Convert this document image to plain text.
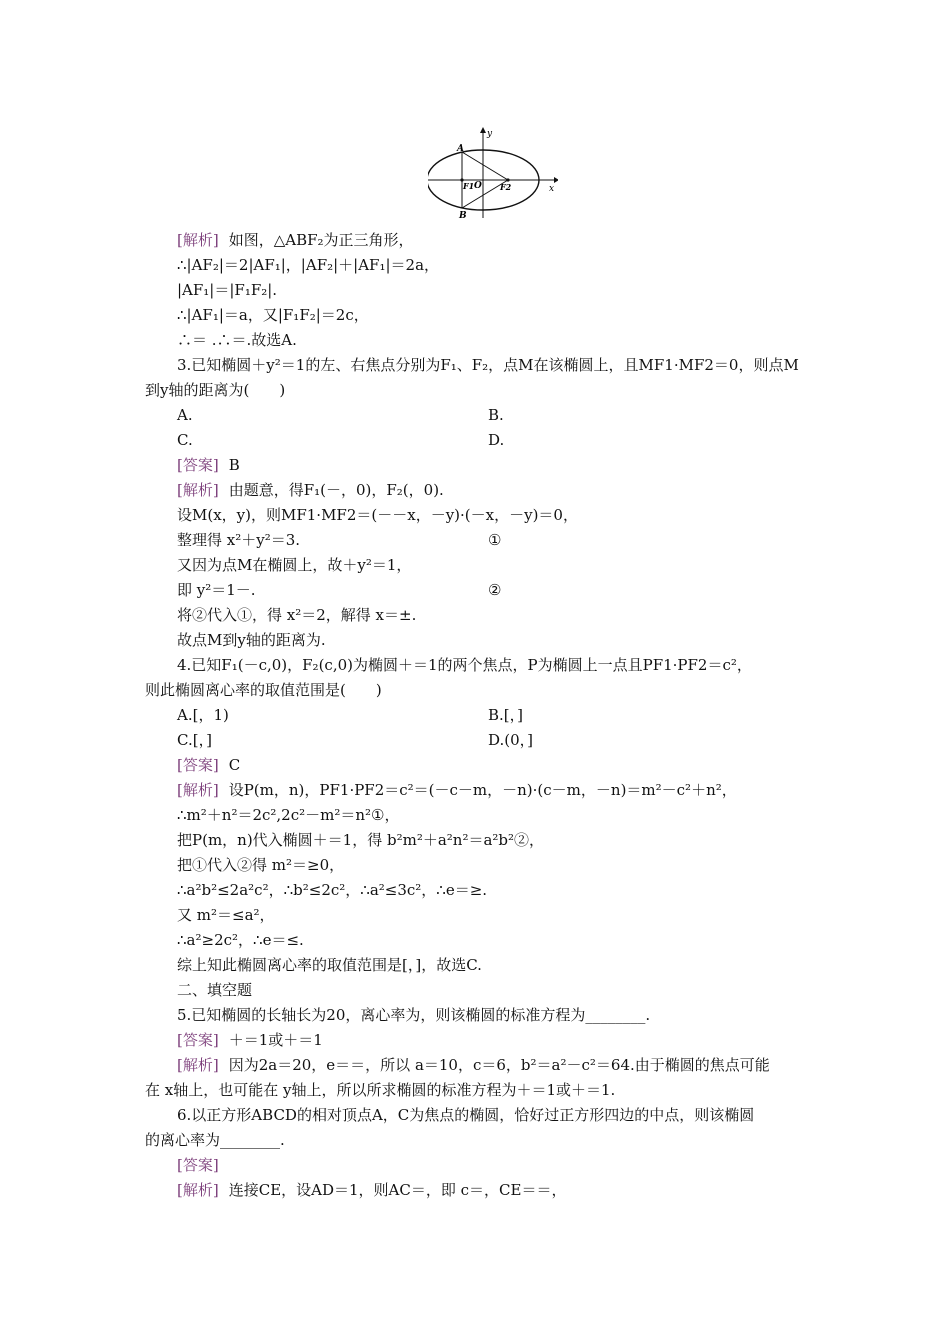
y
x
A
B
F1 O F2
[解析] 如图，△ABF₂为正三角形，
∴|AF₂|＝2|AF₁|，|AF₂|＋|AF₁|＝2a，
|AF₁|＝|F₁F₂|.
∴|AF₁|＝a，又|F₁F₂|＝2c，
∴＝ .∴＝.故选A.
3.已知椭圆＋y²＝1的左、右焦点分别为F₁、F₂，点M在该椭圆上，且MF1·MF2＝0，则点M
到y轴的距离为(　　)
A.	B.
C.	D.
[答案] B
[解析] 由题意，得F₁(－，0)，F₂(，0).
设M(x，y)，则MF1·MF2＝(－－x，－y)·(－x，－y)＝0，
整理得 x²＋y²＝3.	①
又因为点M在椭圆上，故＋y²＝1，
即 y²＝1－.	②
将②代入①，得 x²＝2，解得 x＝±.
故点M到y轴的距离为.
4.已知F₁(－c,0)，F₂(c,0)为椭圆＋＝1的两个焦点，P为椭圆上一点且PF1·PF2＝c²，
则此椭圆离心率的取值范围是(　　)
A.[，1)	B.[，]
C.[，]	D.(0，]
[答案] C
[解析] 设P(m，n)，PF1·PF2＝c²＝(－c－m，－n)·(c－m，－n)＝m²－c²＋n²，
∴m²＋n²＝2c²,2c²－m²＝n²①，
把P(m，n)代入椭圆＋＝1，得 b²m²＋a²n²＝a²b²②，
把①代入②得 m²＝≥0，
∴a²b²≤2a²c²，∴b²≤2c²，∴a²≤3c²，∴e＝≥.
又 m²＝≤a²，
∴a²≥2c²，∴e＝≤.
综上知此椭圆离心率的取值范围是[，]，故选C.
二、填空题
5.已知椭圆的长轴长为20，离心率为，则该椭圆的标准方程为________.
[答案] ＋＝1或＋＝1
[解析] 因为2a＝20，e＝＝，所以 a＝10，c＝6，b²＝a²－c²＝64.由于椭圆的焦点可能
在 x轴上，也可能在 y轴上，所以所求椭圆的标准方程为＋＝1或＋＝1.
6.以正方形ABCD的相对顶点A，C为焦点的椭圆，恰好过正方形四边的中点，则该椭圆
的离心率为________.
[答案]
[解析] 连接CE，设AD＝1，则AC＝，即 c＝，CE＝＝，
